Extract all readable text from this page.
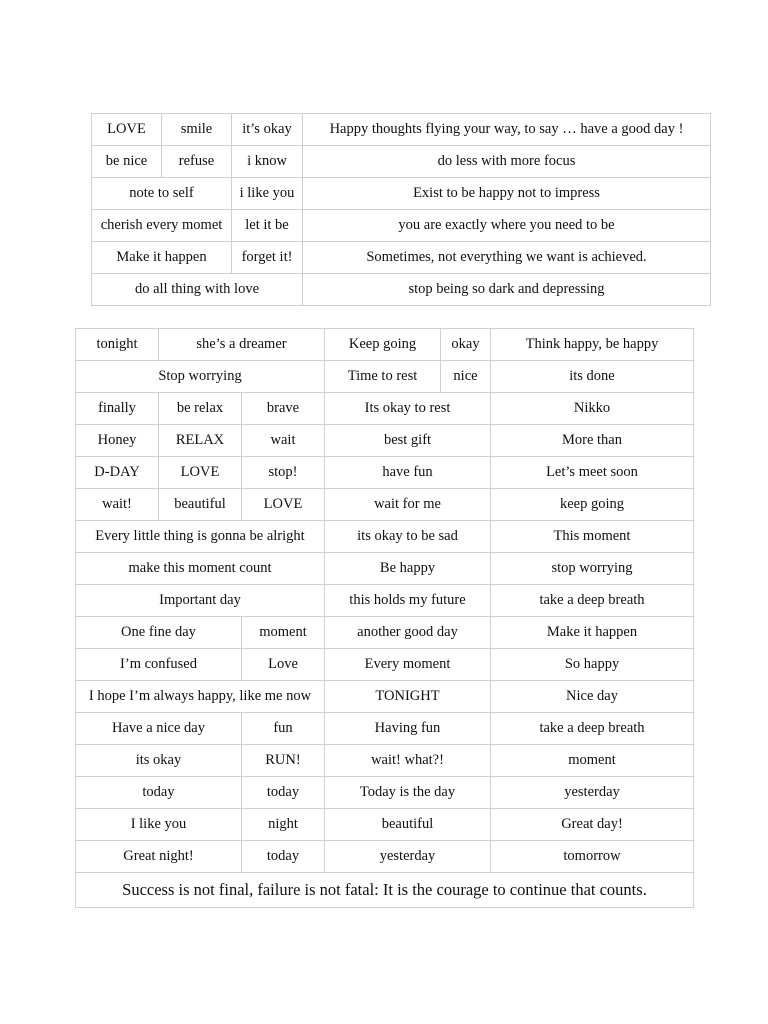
LOVE	smile	it’s okay	Happy thoughts flying your way, to say … have a good day !
be nice	refuse	i know	do less with more focus
note to self		i like you	Exist to be happy not to impress
cherish every momet		let it be	you are exactly where you need to be
Make it happen		forget it!	Sometimes, not everything we want is achieved.
do all thing with love			stop being so dark and depressing
tonight	she’s a dreamer		Keep going	okay	Think happy, be happy
Stop worrying			Time to rest	nice	its done
finally	be relax	brave	Its okay to rest		Nikko
Honey	RELAX	wait	best gift		More than
D-DAY	LOVE	stop!	have fun		Let’s meet soon
wait!	beautiful	LOVE	wait for me		keep going
Every little thing is gonna be alright			its okay to be sad		This moment
make this moment count			Be happy		stop worrying
Important day			this holds my future		take a deep breath
One fine day		moment	another good day		Make it happen
I’m confused		Love	Every moment		So happy
I hope I’m always happy, like me now			TONIGHT		Nice day
Have a nice day		fun	Having fun		take a deep breath
its okay		RUN!	wait! what?!		moment
today		today	Today is the day		yesterday
I like you		night	beautiful		Great day!
Great night!		today	yesterday		tomorrow
Success is not final, failure is not fatal: It is the courage to continue that counts.					
